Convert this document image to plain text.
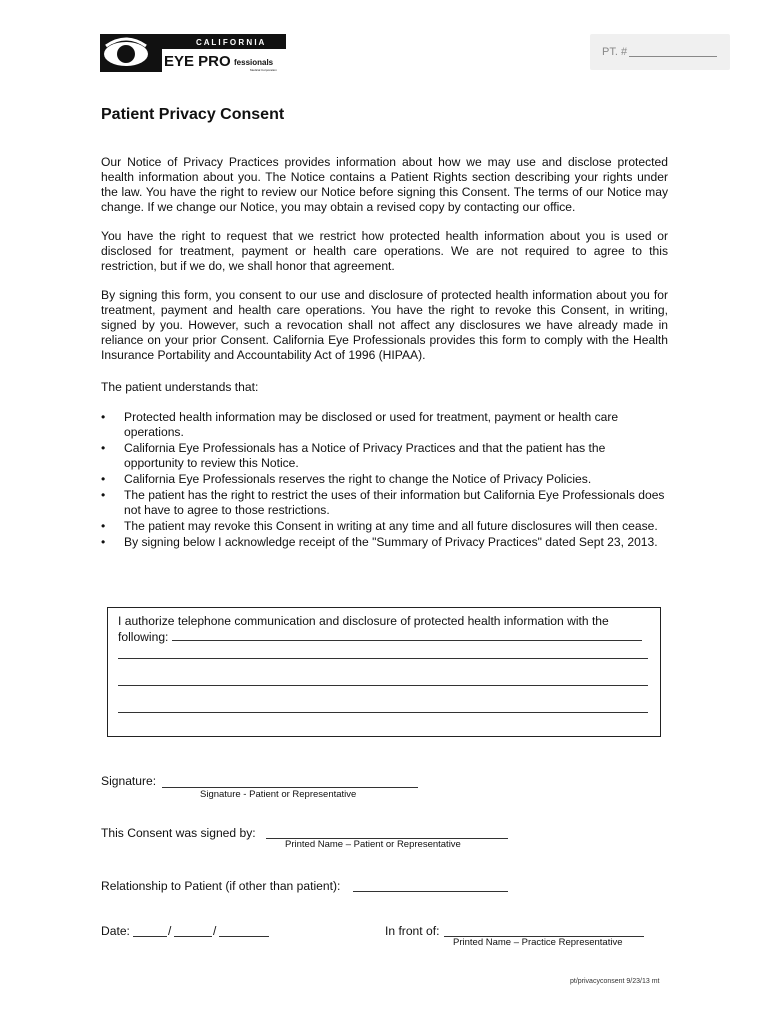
C A L I F O R N I A
EYE PRO fessionals
Medical Corporation
PT. #
Patient Privacy Consent
Our Notice of Privacy Practices provides information about how we may use and disclose protected health information about you. The Notice contains a Patient Rights section describing your rights under the law. You have the right to review our Notice before signing this Consent. The terms of our Notice may change. If we change our Notice, you may obtain a revised copy by contacting our office.
You have the right to request that we restrict how protected health information about you is used or disclosed for treatment, payment or health care operations. We are not required to agree to this restriction, but if we do, we shall honor that agreement.
By signing this form, you consent to our use and disclosure of protected health information about you for treatment, payment and health care operations. You have the right to revoke this Consent, in writing, signed by you. However, such a revocation shall not affect any disclosures we have already made in reliance on your prior Consent. California Eye Professionals provides this form to comply with the Health Insurance Portability and Accountability Act of 1996 (HIPAA).
The patient understands that:
• Protected health information may be disclosed or used for treatment, payment or health care operations.
• California Eye Professionals has a Notice of Privacy Practices and that the patient has the opportunity to review this Notice.
• California Eye Professionals reserves the right to change the Notice of Privacy Policies.
• The patient has the right to restrict the uses of their information but California Eye Professionals does not have to agree to those restrictions.
• The patient may revoke this Consent in writing at any time and all future disclosures will then cease.
• By signing below I acknowledge receipt of the "Summary of Privacy Practices" dated Sept 23, 2013.
I authorize telephone communication and disclosure of protected health information with the
following:
Signature:
Signature - Patient or Representative
This Consent was signed by:
Printed Name – Patient or Representative
Relationship to Patient (if other than patient):
Date:	/	/	In front of:
Printed Name – Practice Representative
pt/privacyconsent 9/23/13 mt
